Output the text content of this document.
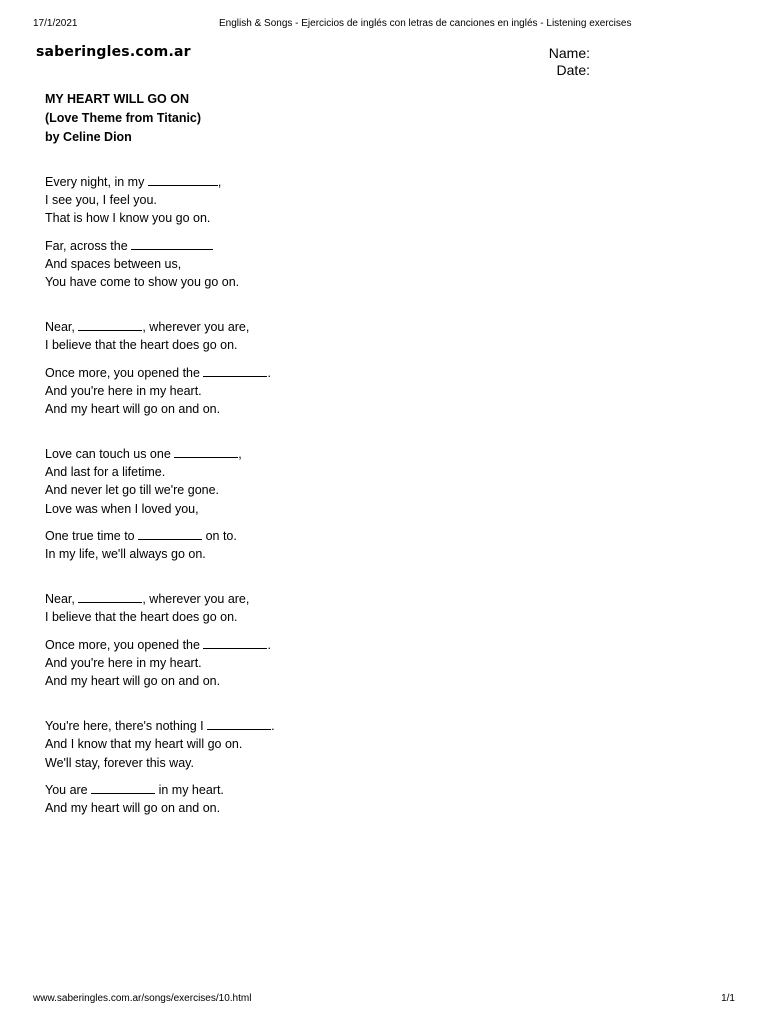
17/1/2021	English & Songs - Ejercicios de inglés con letras de canciones en inglés - Listening exercises
saberingles.com.ar	Name:
Date:
MY HEART WILL GO ON
(Love Theme from Titanic)
by Celine Dion
Every night, in my	,
I see you, I feel you.
That is how I know you go on.
Far, across the
And spaces between us,
You have come to show you go on.
Near,	, wherever you are,
I believe that the heart does go on.
Once more, you opened the	.
And you're here in my heart.
And my heart will go on and on.
Love can touch us one	,
And last for a lifetime.
And never let go till we're gone.
Love was when I loved you,
One true time to	on to.
In my life, we'll always go on.
Near,	, wherever you are,
I believe that the heart does go on.
Once more, you opened the	.
And you're here in my heart.
And my heart will go on and on.
You're here, there's nothing I	.
And I know that my heart will go on.
We'll stay, forever this way.
You are	in my heart.
And my heart will go on and on.
www.saberingles.com.ar/songs/exercises/10.html	1/1
